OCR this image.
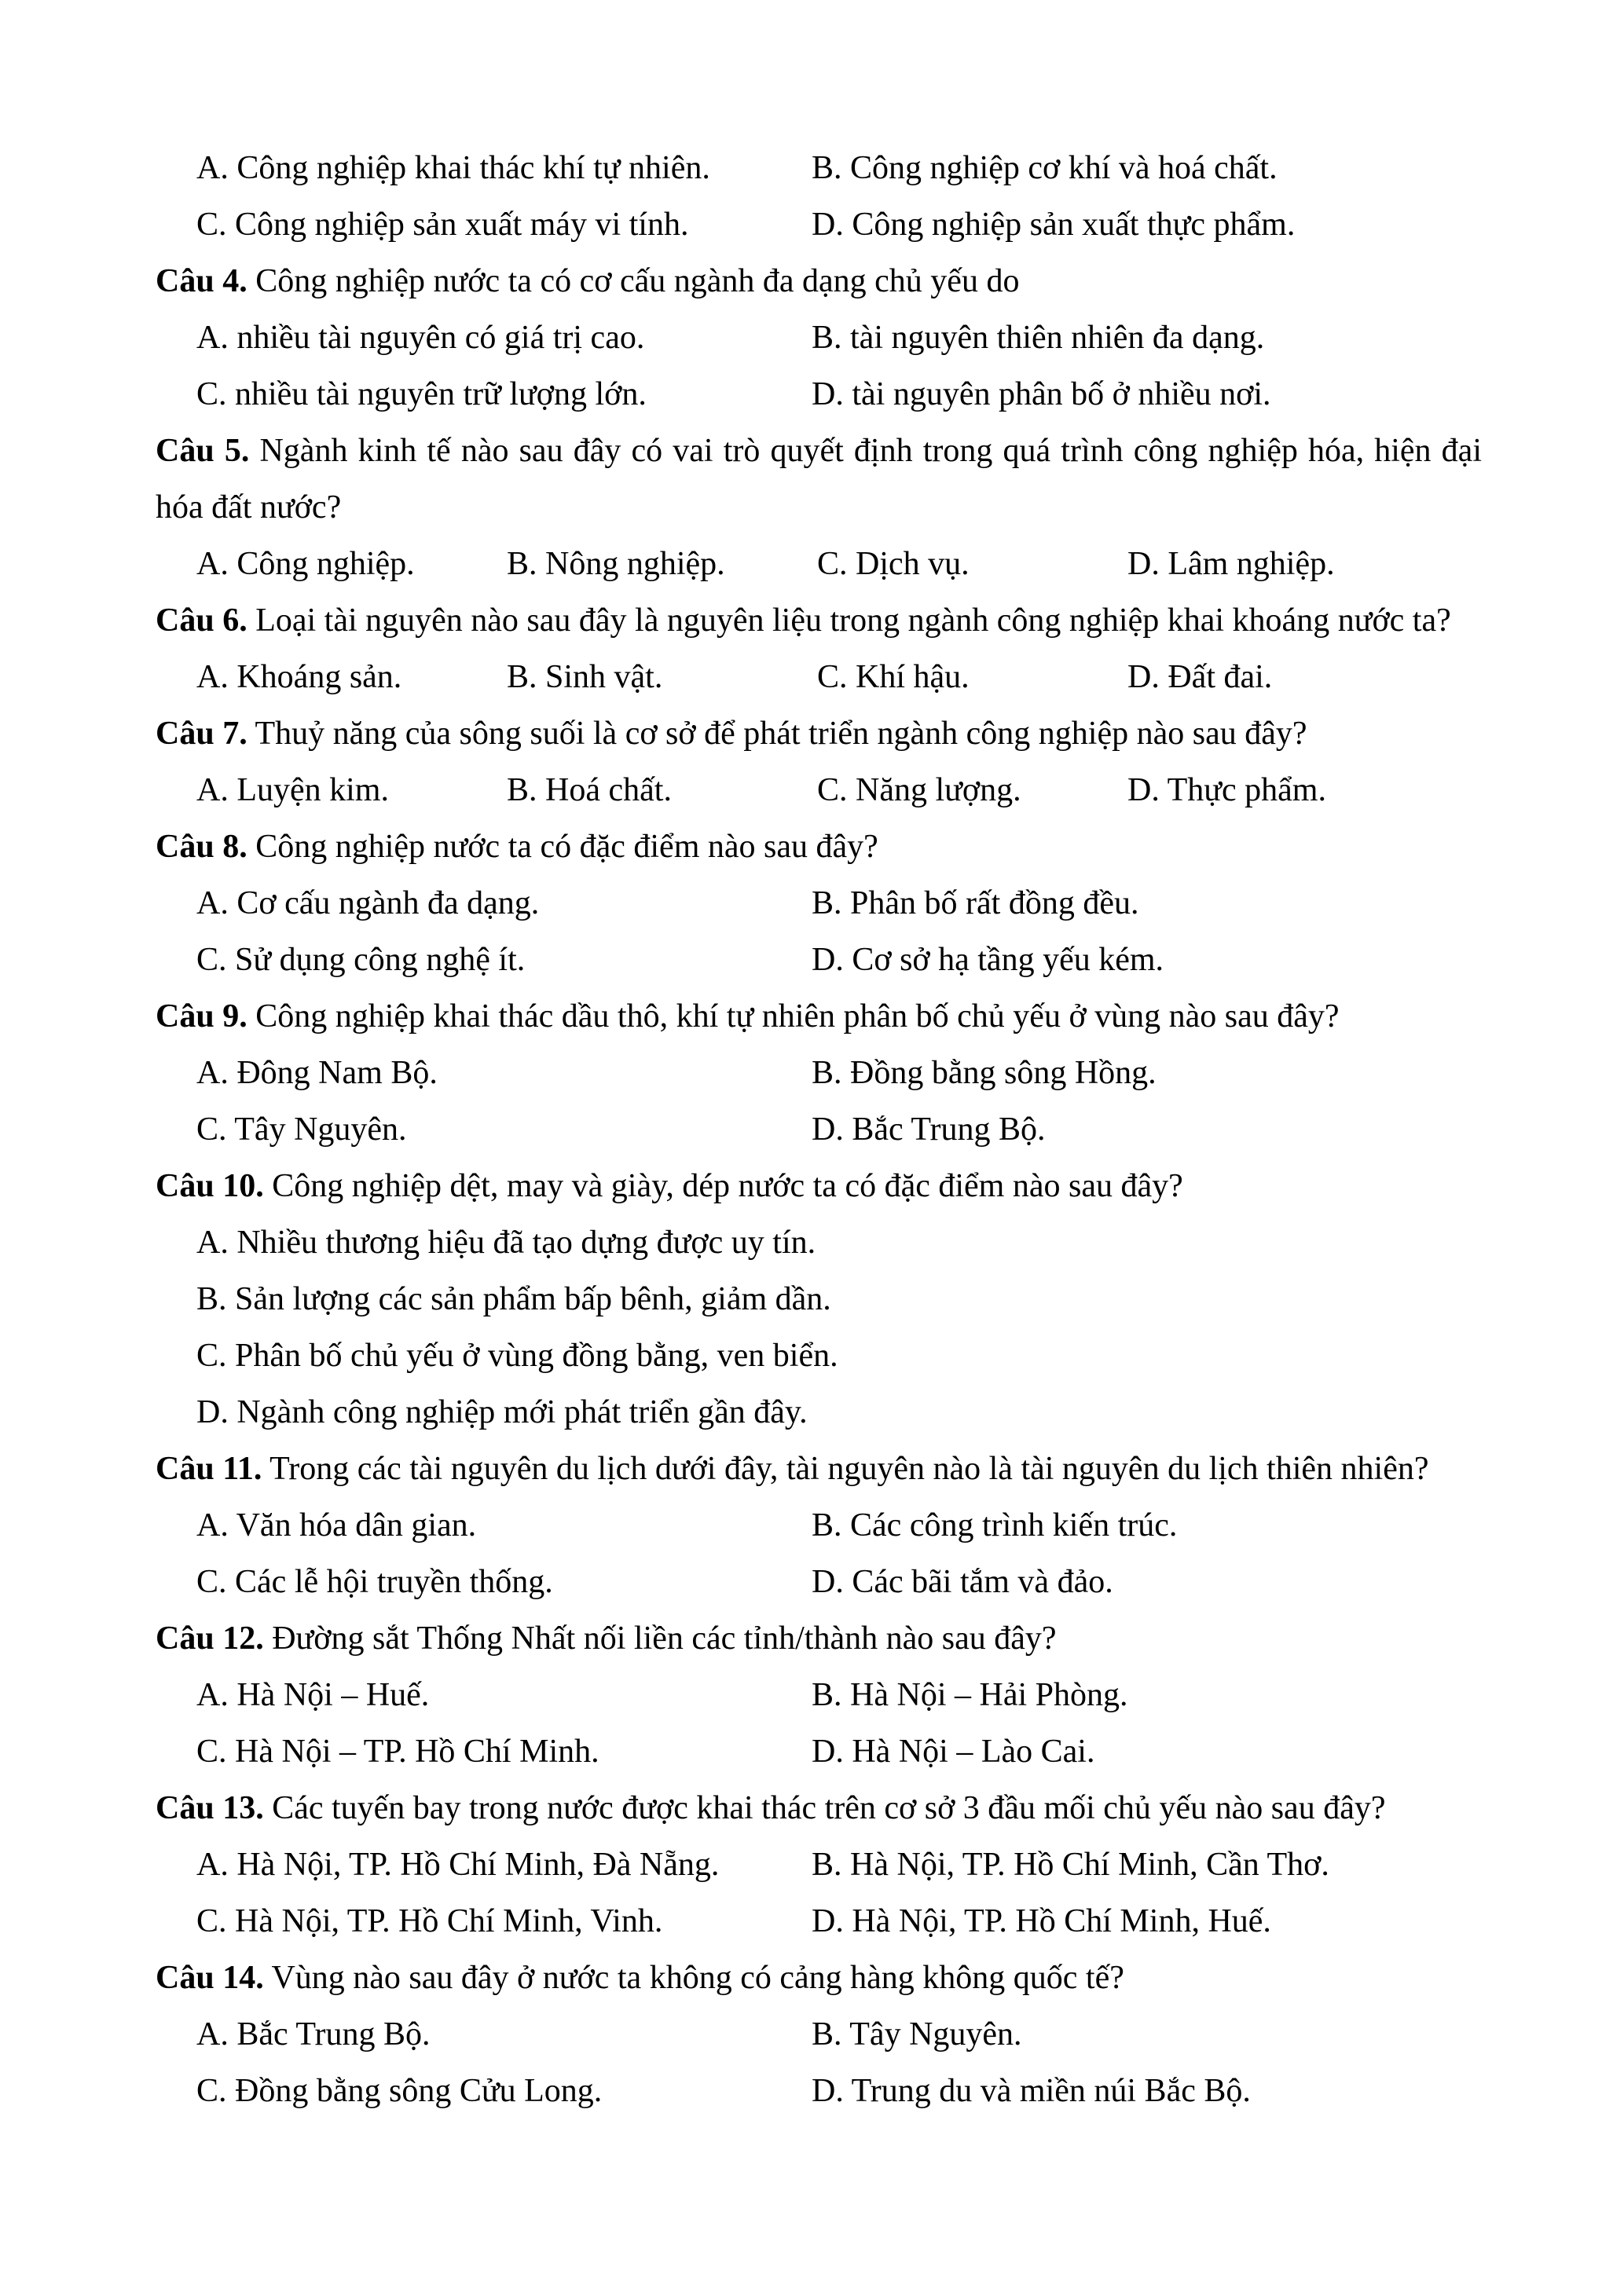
A. Công nghiệp khai thác khí tự nhiên.	B. Công nghiệp cơ khí và hoá chất.
C. Công nghiệp sản xuất máy vi tính.	D. Công nghiệp sản xuất thực phẩm.
Câu 4. Công nghiệp nước ta có cơ cấu ngành đa dạng chủ yếu do
A. nhiều tài nguyên có giá trị cao.	B. tài nguyên thiên nhiên đa dạng.
C. nhiều tài nguyên trữ lượng lớn.	D. tài nguyên phân bố ở nhiều nơi.
Câu 5. Ngành kinh tế nào sau đây có vai trò quyết định trong quá trình công nghiệp hóa, hiện đại
hóa đất nước?
A. Công nghiệp.	B. Nông nghiệp.	C. Dịch vụ.	D. Lâm nghiệp.
Câu 6. Loại tài nguyên nào sau đây là nguyên liệu trong ngành công nghiệp khai khoáng nước ta?
A. Khoáng sản.	B. Sinh vật.	C. Khí hậu.	D. Đất đai.
Câu 7. Thuỷ năng của sông suối là cơ sở để phát triển ngành công nghiệp nào sau đây?
A. Luyện kim.	B. Hoá chất.	C. Năng lượng.	D. Thực phẩm.
Câu 8. Công nghiệp nước ta có đặc điểm nào sau đây?
A. Cơ cấu ngành đa dạng.	B. Phân bố rất đồng đều.
C. Sử dụng công nghệ ít.	D. Cơ sở hạ tầng yếu kém.
Câu 9. Công nghiệp khai thác dầu thô, khí tự nhiên phân bố chủ yếu ở vùng nào sau đây?
A. Đông Nam Bộ.	B. Đồng bằng sông Hồng.
C. Tây Nguyên.	D. Bắc Trung Bộ.
Câu 10. Công nghiệp dệt, may và giày, dép nước ta có đặc điểm nào sau đây?
A. Nhiều thương hiệu đã tạo dựng được uy tín.
B. Sản lượng các sản phẩm bấp bênh, giảm dần.
C. Phân bố chủ yếu ở vùng đồng bằng, ven biển.
D. Ngành công nghiệp mới phát triển gần đây.
Câu 11. Trong các tài nguyên du lịch dưới đây, tài nguyên nào là tài nguyên du lịch thiên nhiên?
A. Văn hóa dân gian.	B. Các công trình kiến trúc.
C. Các lễ hội truyền thống.	D. Các bãi tắm và đảo.
Câu 12. Đường sắt Thống Nhất nối liền các tỉnh/thành nào sau đây?
A. Hà Nội – Huế.	B. Hà Nội – Hải Phòng.
C. Hà Nội – TP. Hồ Chí Minh.	D. Hà Nội – Lào Cai.
Câu 13. Các tuyến bay trong nước được khai thác trên cơ sở 3 đầu mối chủ yếu nào sau đây?
A. Hà Nội, TP. Hồ Chí Minh, Đà Nẵng.	B. Hà Nội, TP. Hồ Chí Minh, Cần Thơ.
C. Hà Nội, TP. Hồ Chí Minh, Vinh.	D. Hà Nội, TP. Hồ Chí Minh, Huế.
Câu 14. Vùng nào sau đây ở nước ta không có cảng hàng không quốc tế?
A. Bắc Trung Bộ.	B. Tây Nguyên.
C. Đồng bằng sông Cửu Long.	D. Trung du và miền núi Bắc Bộ.
